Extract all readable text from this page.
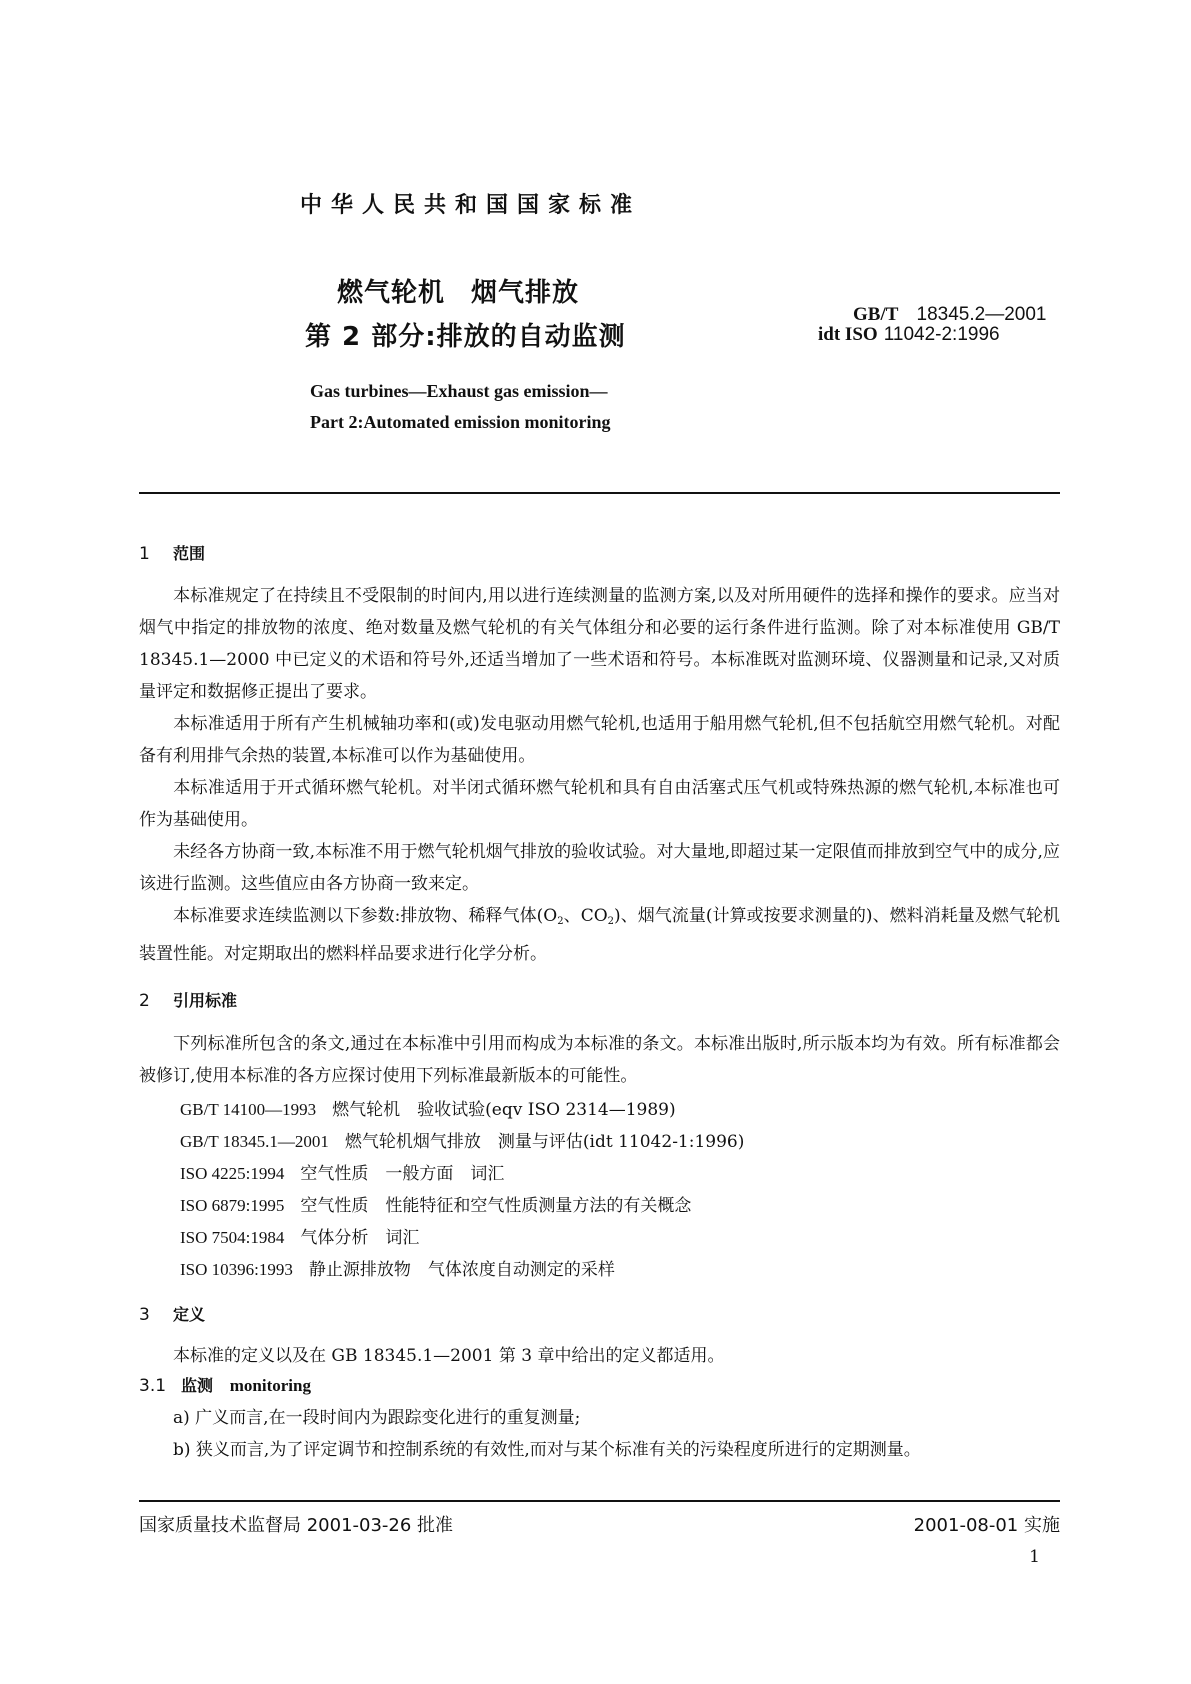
中华人民共和国国家标准
燃气轮机 烟气排放
第 2 部分:排放的自动监测
GB/T 18345.2—2001
idt ISO 11042-2:1996
Gas turbines—Exhaust gas emission—
Part 2:Automated emission monitoring
1 范围
本标准规定了在持续且不受限制的时间内,用以进行连续测量的监测方案,以及对所用硬件的选择和操作的要求。应当对烟气中指定的排放物的浓度、绝对数量及燃气轮机的有关气体组分和必要的运行条件进行监测。除了对本标准使用 GB/T 18345.1—2000 中已定义的术语和符号外,还适当增加了一些术语和符号。本标准既对监测环境、仪器测量和记录,又对质量评定和数据修正提出了要求。
本标准适用于所有产生机械轴功率和(或)发电驱动用燃气轮机,也适用于船用燃气轮机,但不包括航空用燃气轮机。对配备有利用排气余热的装置,本标准可以作为基础使用。
本标准适用于开式循环燃气轮机。对半闭式循环燃气轮机和具有自由活塞式压气机或特殊热源的燃气轮机,本标准也可作为基础使用。
未经各方协商一致,本标准不用于燃气轮机烟气排放的验收试验。对大量地,即超过某一定限值而排放到空气中的成分,应该进行监测。这些值应由各方协商一致来定。
本标准要求连续监测以下参数:排放物、稀释气体($O_2$、$CO_2$)、烟气流量(计算或按要求测量的)、燃料消耗量及燃气轮机装置性能。对定期取出的燃料样品要求进行化学分析。
2 引用标准
下列标准所包含的条文,通过在本标准中引用而构成为本标准的条文。本标准出版时,所示版本均为有效。所有标准都会被修订,使用本标准的各方应探讨使用下列标准最新版本的可能性。
GB/T 14100—1993 燃气轮机　验收试验(eqv ISO 2314—1989)
GB/T 18345.1—2001 燃气轮机烟气排放　测量与评估(idt 11042-1:1996)
ISO 4225:1994 空气性质　一般方面　词汇
ISO 6879:1995 空气性质　性能特征和空气性质测量方法的有关概念
ISO 7504:1984 气体分析　词汇
ISO 10396:1993 静止源排放物　气体浓度自动测定的采样
3 定义
本标准的定义以及在 GB 18345.1—2001 第 3 章中给出的定义都适用。
3.1 监测 monitoring
a) 广义而言,在一段时间内为跟踪变化进行的重复测量;
b) 狭义而言,为了评定调节和控制系统的有效性,而对与某个标准有关的污染程度所进行的定期测量。
国家质量技术监督局 2001-03-26 批准	2001-08-01 实施
1
